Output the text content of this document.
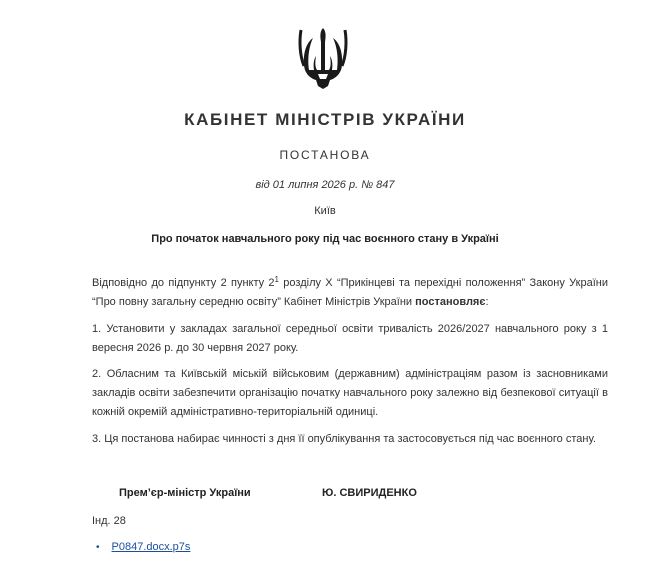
КАБІНЕТ МІНІСТРІВ УКРАЇНИ
ПОСТАНОВА
від 01 липня 2026 р. № 847
Київ
Про початок навчального року під час воєнного стану в Україні

Відповідно до підпункту 2 пункту $2^1$ розділу X “Прикінцеві та перехідні положення” Закону України “Про повну загальну середню освіту” Кабінет Міністрів України постановляє:

1. Установити у закладах загальної середньої освіти тривалість 2026/2027 навчального року з 1 вересня 2026 р. до 30 червня 2027 року.

2. Обласним та Київській міській військовим (державним) адміністраціям разом із засновниками закладів освіти забезпечити організацію початку навчального року залежно від безпекової ситуації в кожній окремій адміністративно-територіальній одиниці.

3. Ця постанова набирає чинності з дня її опублікування та застосовується під час воєнного стану.

Прем’єр-міністр України	Ю. СВИРИДЕНКО
Інд. 28
• P0847.docx.p7s
